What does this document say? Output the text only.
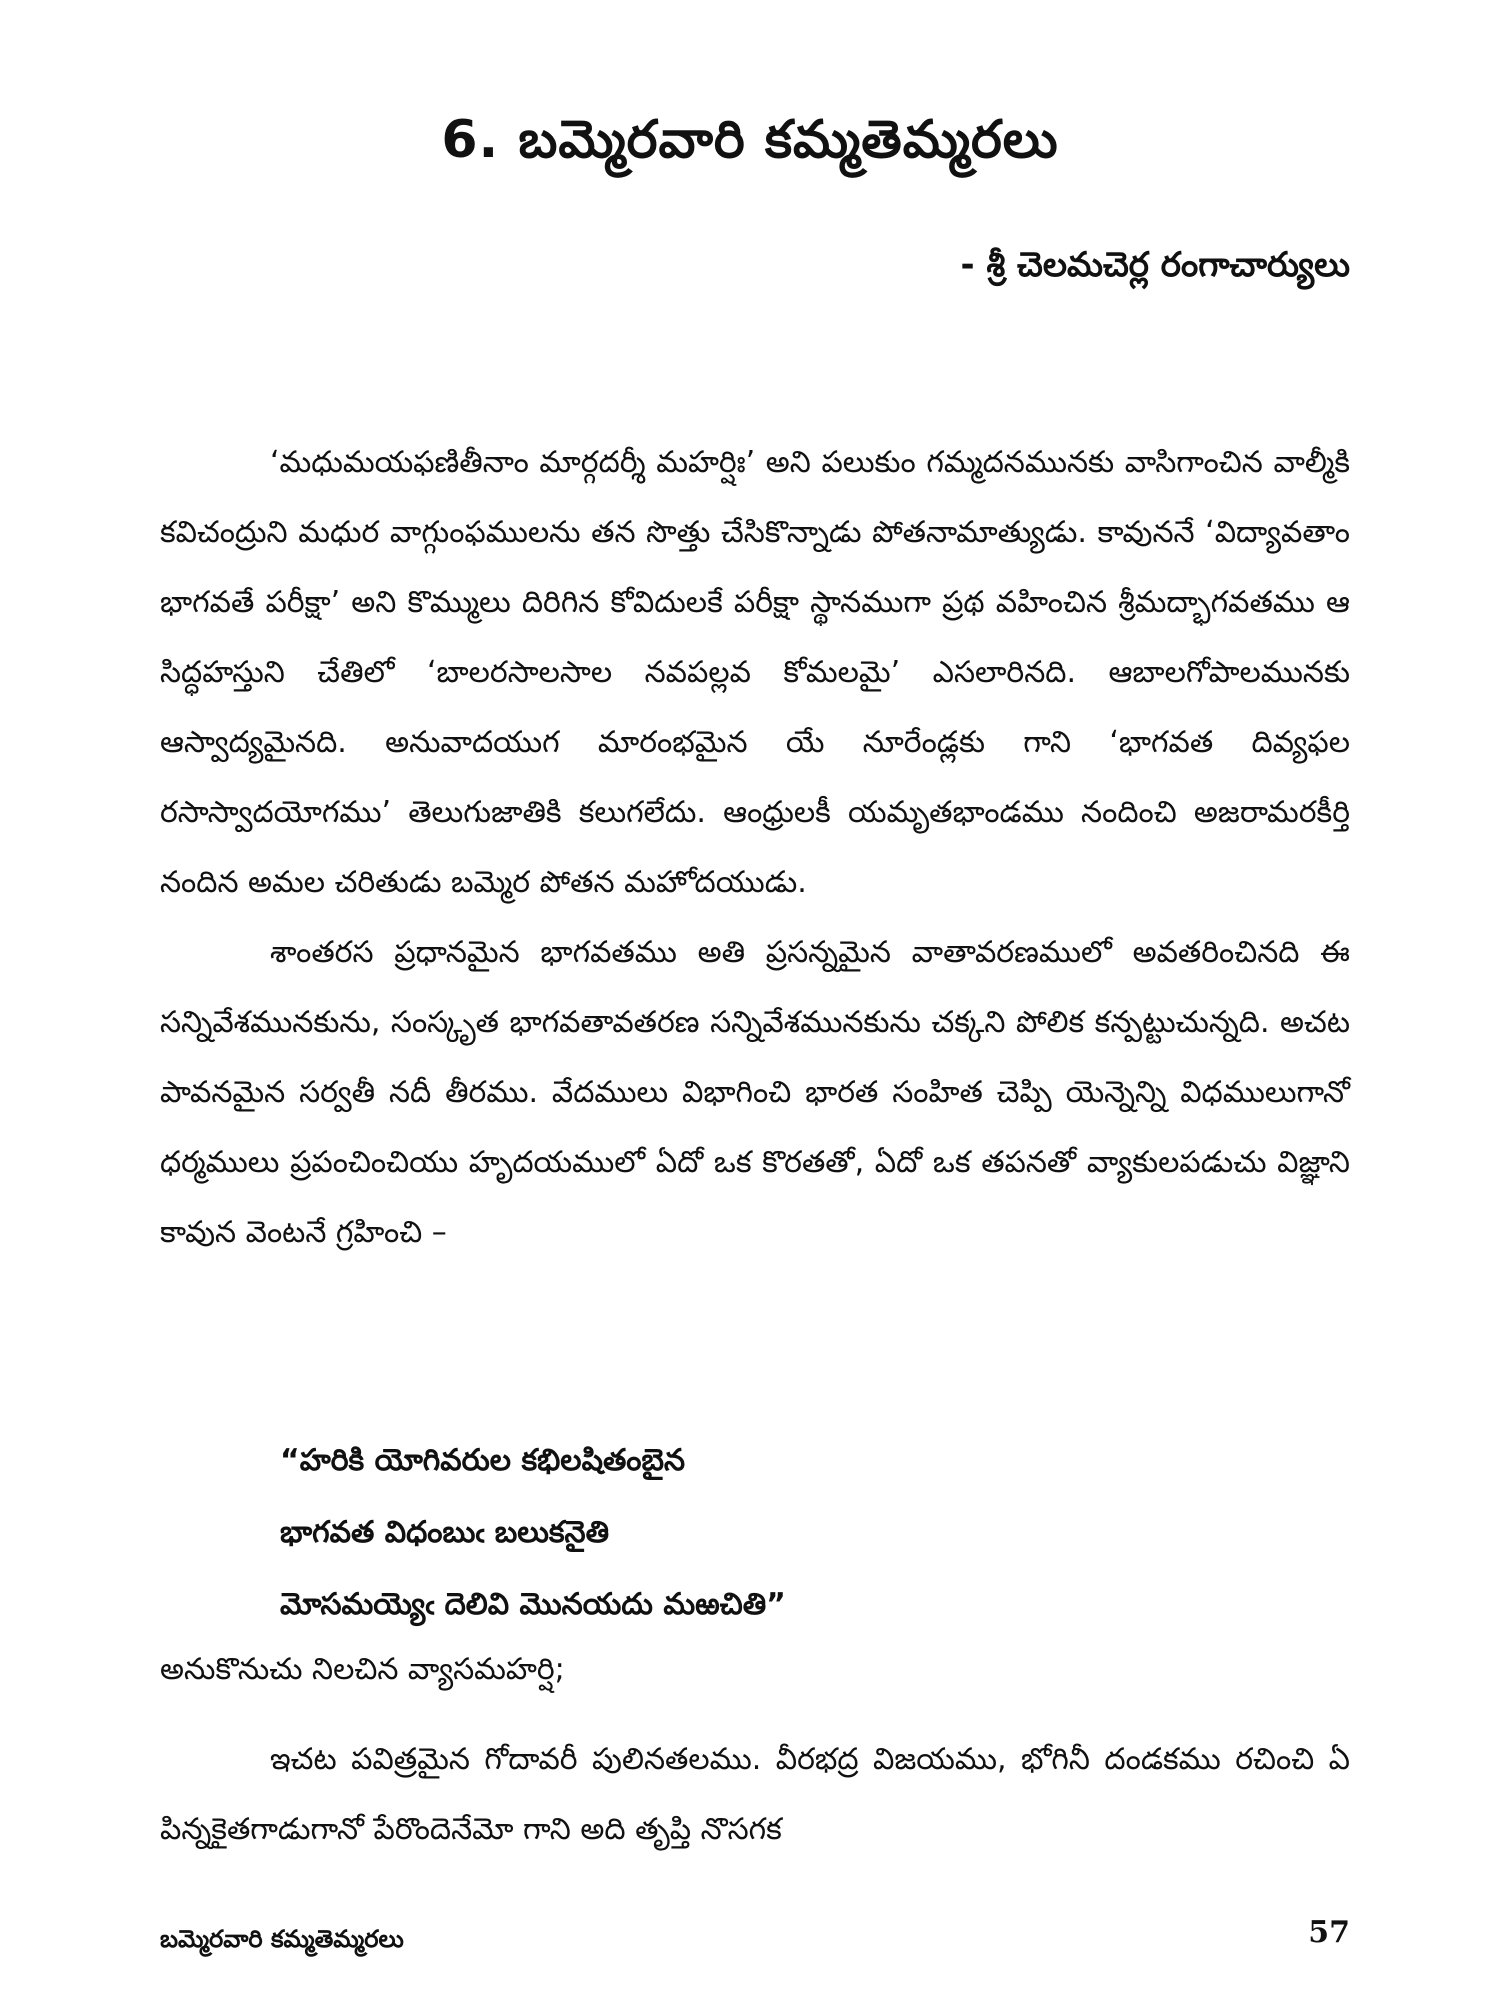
6. బమ్మెరవారి కమ్మతెమ్మరలు
- శ్రీ చెలమచెర్ల రంగాచార్యులు

‘మధుమయఫణితీనాం మార్గదర్శీ మహర్షిః’ అని పలుకుం గమ్మదనమునకు వాసిగాంచిన వాల్మీకి కవిచంద్రుని మధుర వాగ్గుంఫములను తన సొత్తు చేసికొన్నాడు పోతనామాత్యుడు. కావుననే ‘విద్యావతాం భాగవతే పరీక్షా’ అని కొమ్ములు దిరిగిన కోవిదులకే పరీక్షా స్థానముగా ప్రథ వహించిన శ్రీమద్భాగవతము ఆ సిద్ధహస్తుని చేతిలో ‘బాలరసాలసాల నవపల్లవ కోమలమై’ ఎసలారినది. ఆబాలగోపాలమునకు ఆస్వాద్యమైనది. అనువాదయుగ మారంభమైన యే నూరేండ్లకు గాని ‘భాగవత దివ్యఫల రసాస్వాదయోగము’ తెలుగుజాతికి కలుగలేదు. ఆంధ్రులకీ యమృతభాండము నందించి అజరామరకీర్తి నందిన అమల చరితుడు బమ్మెర పోతన మహోదయుడు.

శాంతరస ప్రధానమైన భాగవతము అతి ప్రసన్నమైన వాతావరణములో అవతరించినది ఈ సన్నివేశమునకును, సంస్కృత భాగవతావతరణ సన్నివేశమునకును చక్కని పోలిక కన్పట్టుచున్నది. అచట పావనమైన సర్వతీ నదీ తీరము. వేదములు విభాగించి భారత సంహిత చెప్పి యెన్నెన్ని విధములుగానో ధర్మములు ప్రపంచించియు హృదయములో ఏదో ఒక కొరతతో, ఏదో ఒక తపనతో వ్యాకులపడుచు విజ్ఞాని కావున వెంటనే గ్రహించి –

“హరికి యోగివరుల కభిలషితంబైన
భాగవత విధంబుఁ బలుకనైతి
మోసమయ్యెఁ దెలివి మొనయదు మఱచితి”

అనుకొనుచు నిలచిన వ్యాసమహర్షి;

ఇచట పవిత్రమైన గోదావరీ పులినతలము. వీరభద్ర విజయము, భోగినీ దండకము రచించి ఏ పిన్నకైతగాడుగానో పేరొందెనేమో గాని అది తృప్తి నొసగక

బమ్మెరవారి కమ్మతెమ్మరలు	57
